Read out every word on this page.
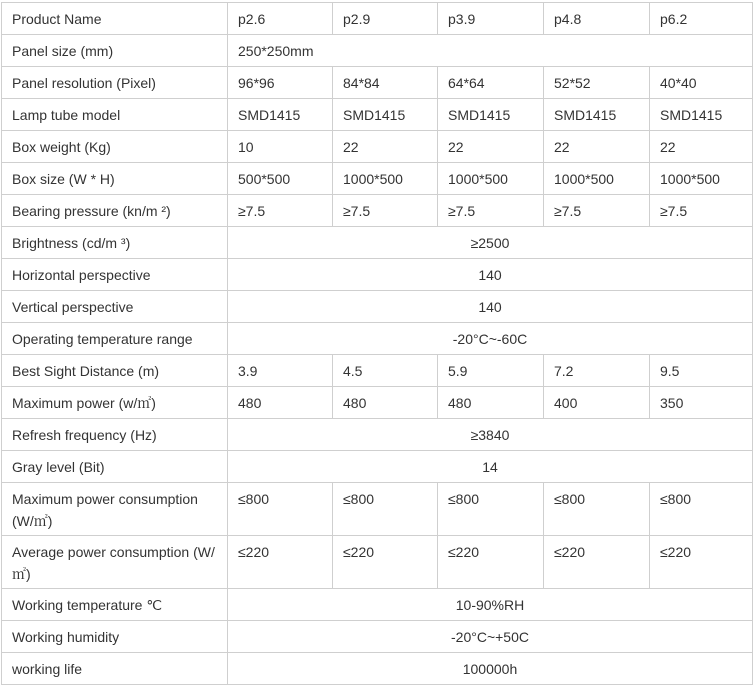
Product Name	p2.6	p2.9	p3.9	p4.8	p6.2
Panel size (mm)	250*250mm				
Panel resolution (Pixel)	96*96	84*84	64*64	52*52	40*40
Lamp tube model	SMD1415	SMD1415	SMD1415	SMD1415	SMD1415
Box weight (Kg)	10	22	22	22	22
Box size (W * H)	500*500	1000*500	1000*500	1000*500	1000*500
Bearing pressure (kn/m ²)	≥7.5	≥7.5	≥7.5	≥7.5	≥7.5
Brightness (cd/m ³)	≥2500				
Horizontal perspective	140				
Vertical perspective	140				
Operating temperature range	-20°C~-60C				
Best Sight Distance (m)	3.9	4.5	5.9	7.2	9.5
Maximum power (w/㎡)	480	480	480	400	350
Refresh frequency (Hz)	≥3840				
Gray level (Bit)	14				
Maximum power consumption (W/㎡)	≤800	≤800	≤800	≤800	≤800
Average power consumption (W/㎡)	≤220	≤220	≤220	≤220	≤220
Working temperature ℃	10-90%RH				
Working humidity	-20°C~+50C				
working life	100000h				
